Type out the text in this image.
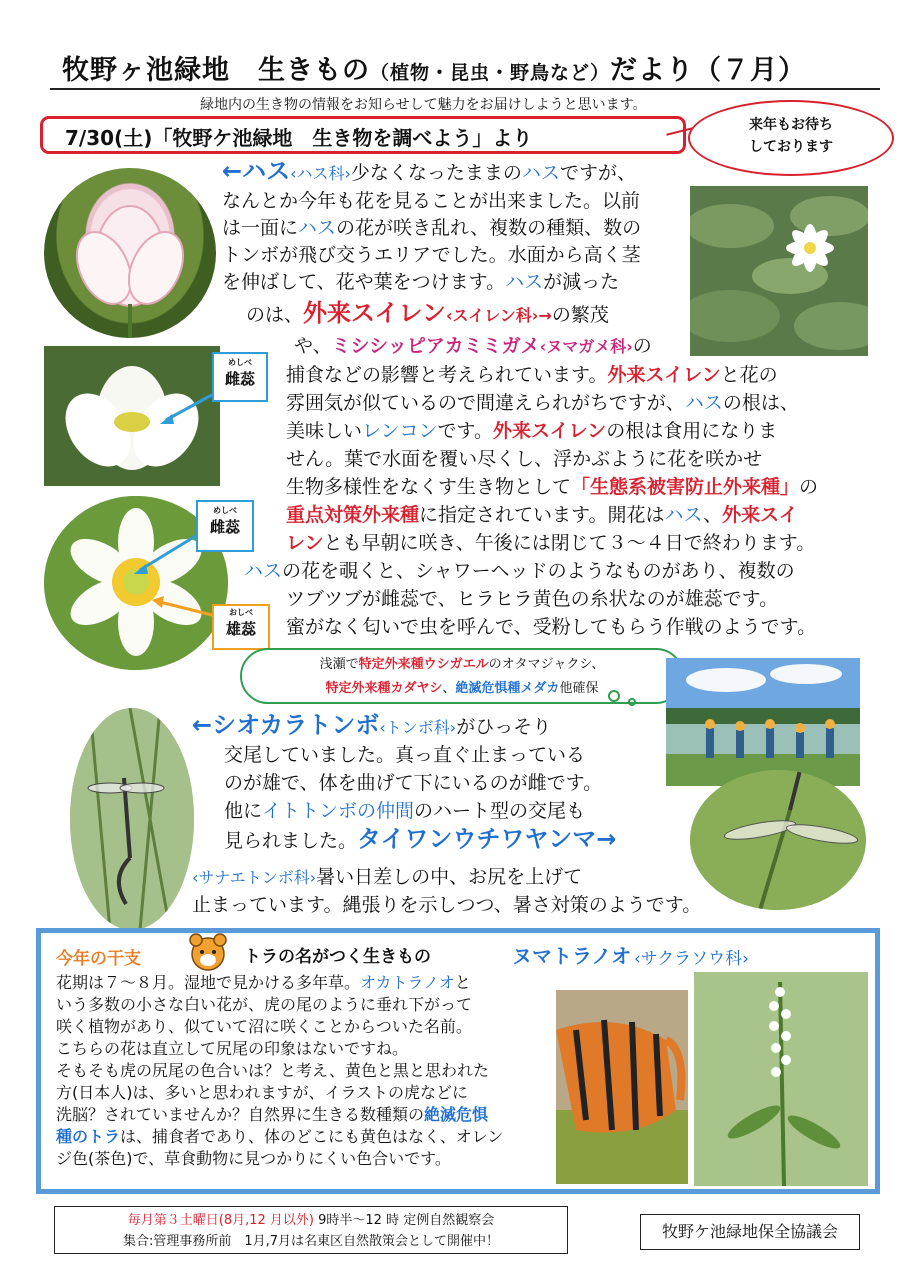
牧野ヶ池緑地　生きもの（植物・昆虫・野鳥など）だより（７月）
緑地内の生き物の情報をお知らせして魅力をお届けしようと思います。
7/30(土)「牧野ケ池緑地　生き物を調べよう」より
来年もお待ち
しております
めしべ
雌蕊
めしべ
雌蕊
おしべ
雄蕊
←ハス‹ハス科›少なくなったままのハスですが、
なんとか今年も花を見ることが出来ました。以前
は一面にハスの花が咲き乱れ、複数の種類、数の
トンボが飛び交うエリアでした。水面から高く茎
を伸ばして、花や葉をつけます。ハスが減った
のは、外来スイレン‹スイレン科›→の繁茂
や、ミシシッピアカミミガメ‹ヌマガメ科›の
捕食などの影響と考えられています。外来スイレンと花の
雰囲気が似ているので間違えられがちですが、ハスの根は、
美味しいレンコンです。外来スイレンの根は食用になりま
せん。葉で水面を覆い尽くし、浮かぶように花を咲かせ
生物多様性をなくす生き物として「生態系被害防止外来種」の
重点対策外来種に指定されています。開花はハス、外来スイ
レンとも早朝に咲き、午後には閉じて３～４日で終わります。
ハスの花を覗くと、シャワーヘッドのようなものがあり、複数の
ツブツブが雌蕊で、ヒラヒラ黄色の糸状なのが雄蕊です。
蜜がなく匂いで虫を呼んで、受粉してもらう作戦のようです。
浅瀬で特定外来種ウシガエルのオタマジャクシ、
特定外来種カダヤシ、絶滅危惧種メダカ他確保
←シオカラトンボ‹トンボ科›がひっそり
交尾していました。真っ直ぐ止まっている
のが雄で、体を曲げて下にいるのが雌です。
他にイトトンボの仲間のハート型の交尾も
見られました。タイワンウチワヤンマ→
‹サナエトンボ科›暑い日差しの中、お尻を上げて
止まっています。縄張りを示しつつ、暑さ対策のようです。
今年の干支	トラの名がつく生きもの	ヌマトラノオ ‹サクラソウ科›
花期は７～８月。湿地で見かける多年草。オカトラノオと
いう多数の小さな白い花が、虎の尾のように垂れ下がって
咲く植物があり、似ていて沼に咲くことからついた名前。
こちらの花は直立して尻尾の印象はないですね。
そもそも虎の尻尾の色合いは？と考え、黄色と黒と思われた
方(日本人)は、多いと思われますが、イラストの虎などに
洗脳？されていませんか？自然界に生きる数種類の絶滅危惧
種のトラは、捕食者であり、体のどこにも黄色はなく、オレン
ジ色(茶色)で、草食動物に見つかりにくい色合いです。
毎月第３土曜日(8月,12 月以外) 9時半～12 時 定例自然観察会
集合:管理事務所前　1月,7月は名東区自然散策会として開催中！
牧野ケ池緑地保全協議会
